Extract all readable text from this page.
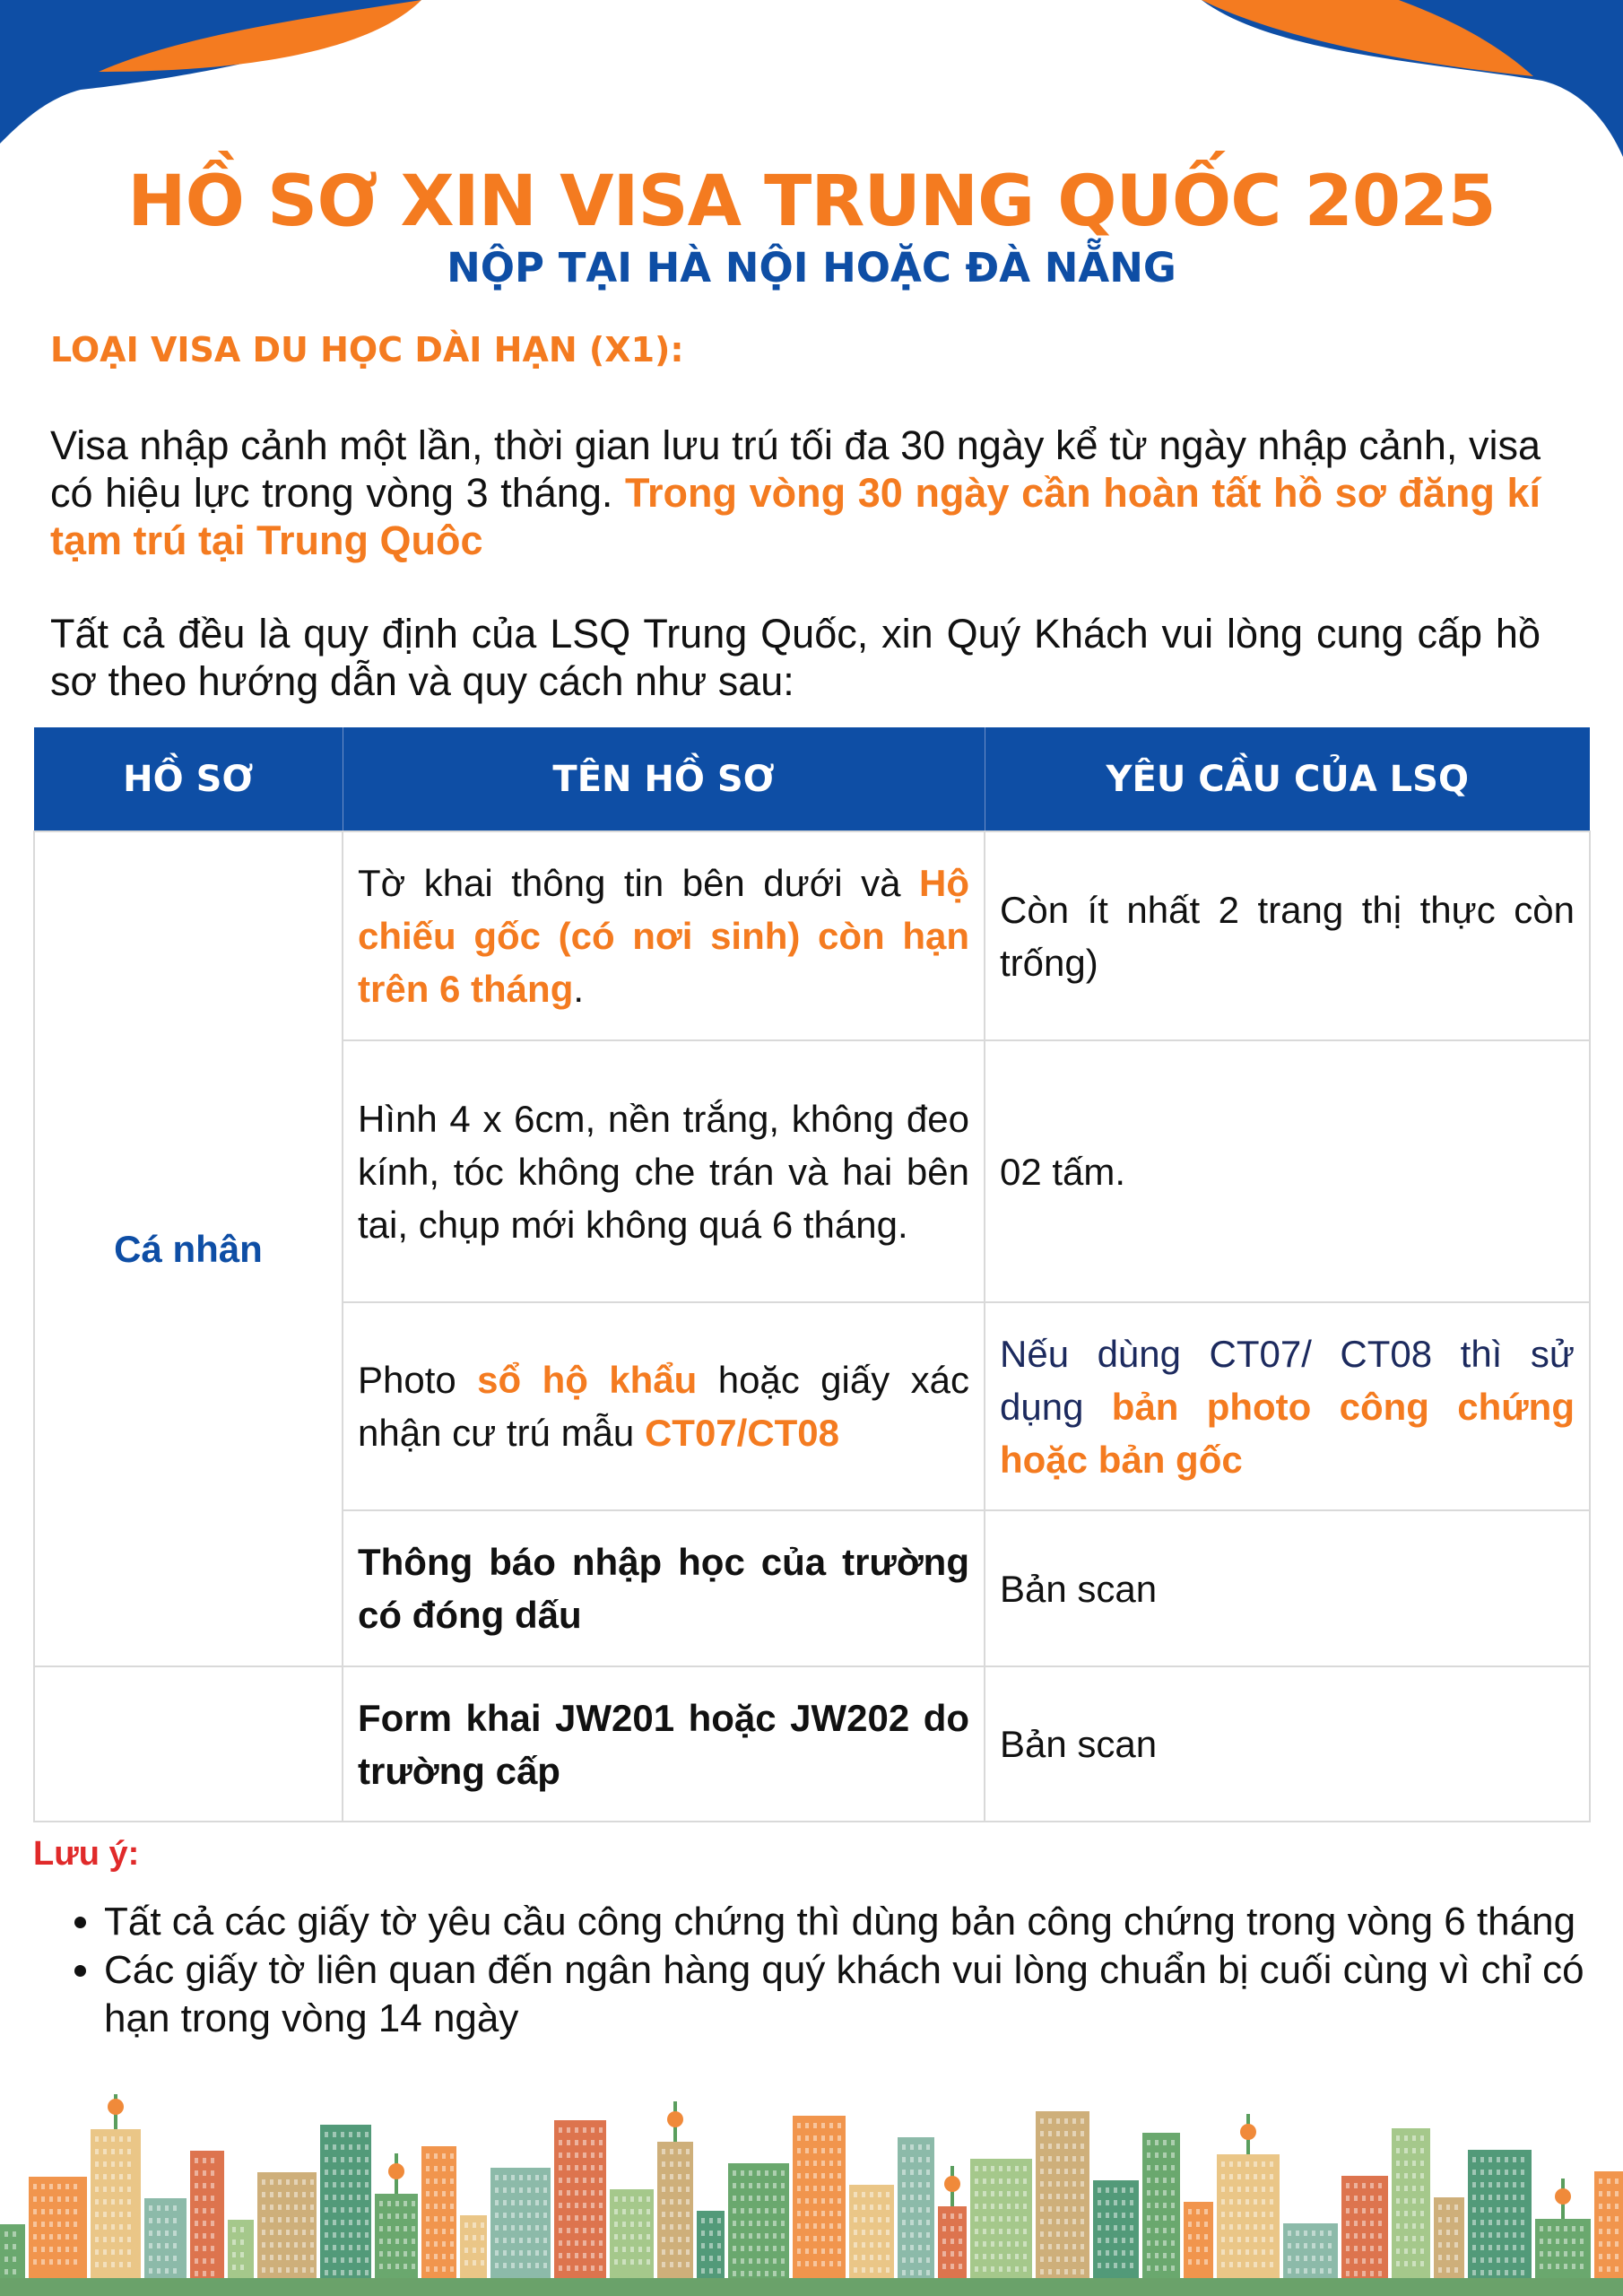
HỒ SƠ XIN VISA TRUNG QUỐC 2025
NỘP TẠI HÀ NỘI HOẶC ĐÀ NẴNG
LOẠI VISA DU HỌC DÀI HẠN (X1):
Visa nhập cảnh một lần, thời gian lưu trú tối đa 30 ngày kể từ ngày nhập cảnh, visa có hiệu lực trong vòng 3 tháng. Trong vòng 30 ngày cần hoàn tất hồ sơ đăng kí tạm trú tại Trung Quôc
Tất cả đều là quy định của LSQ Trung Quốc, xin Quý Khách vui lòng cung cấp hồ sơ theo hướng dẫn và quy cách như sau:
HỒ SƠ	TÊN HỒ SƠ	YÊU CẦU CỦA LSQ
Cá nhân	Tờ khai thông tin bên dưới và Hộ chiếu gốc (có nơi sinh) còn hạn trên 6 tháng.	Còn ít nhất 2 trang thị thực còn trống)
	Hình 4 x 6cm, nền trắng, không đeo kính, tóc không che trán và hai bên tai, chụp mới không quá 6 tháng.	02 tấm.
	Photo sổ hộ khẩu hoặc giấy xác nhận cư trú mẫu CT07/CT08	Nếu dùng CT07/ CT08 thì sử dụng bản photo công chứng hoặc bản gốc
	Thông báo nhập học của trường có đóng dấu	Bản scan
	Form khai JW201 hoặc JW202 do trường cấp	Bản scan
Lưu ý:
• Tất cả các giấy tờ yêu cầu công chứng thì dùng bản công chứng trong vòng 6 tháng
• Các giấy tờ liên quan đến ngân hàng quý khách vui lòng chuẩn bị cuối cùng vì chỉ có hạn trong vòng 14 ngày
